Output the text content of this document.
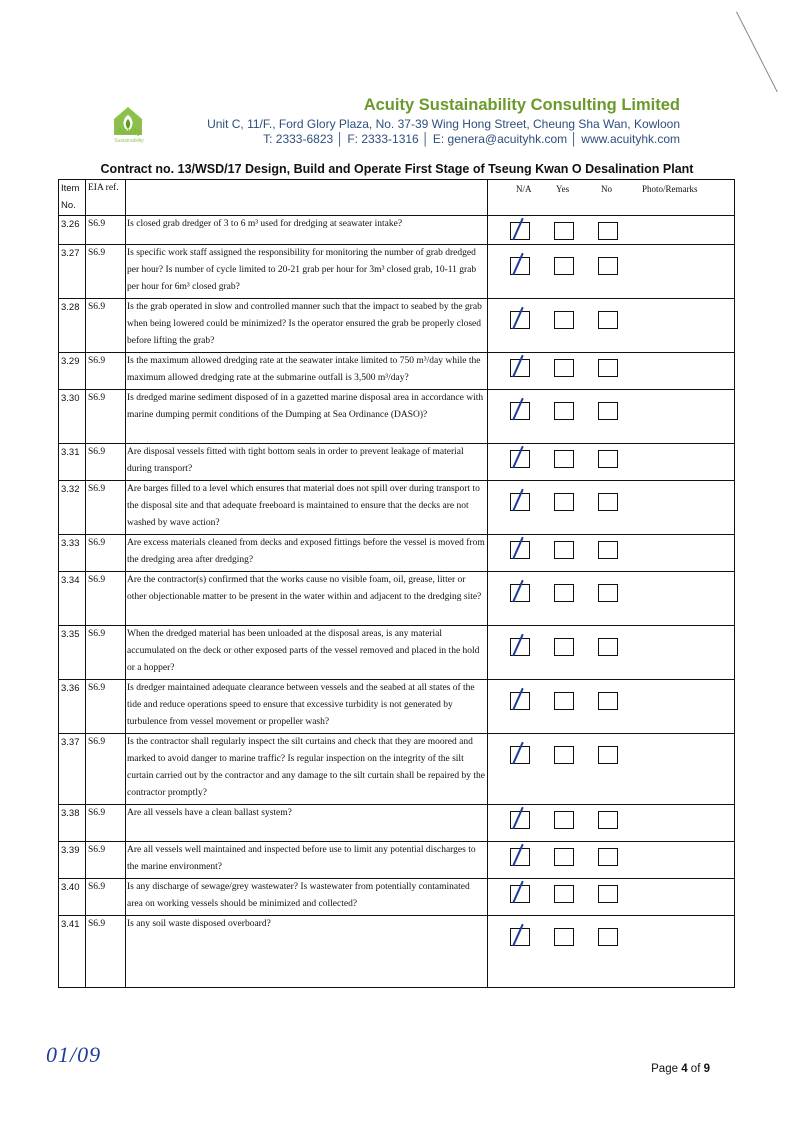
Acuity
Sustainability
Acuity Sustainability Consulting Limited
Unit C, 11/F., Ford Glory Plaza, No. 37-39 Wing Hong Street, Cheung Sha Wan, Kowloon
T: 2333-6823 │ F: 2333-1316 │ E: genera@acuityhk.com │ www.acuityhk.com
Contract no. 13/WSD/17 Design, Build and Operate First Stage of Tseung Kwan O Desalination Plant
Item No.	EIA ref.		N/A Yes No Photo/Remarks

3.26	S6.9	Is closed grab dredger of 3 to 6 m³ used for dredging at seawater intake?	

3.27	S6.9	Is specific work staff assigned the responsibility for monitoring the number of grab dredged per hour? Is number of cycle limited to 20-21 grab per hour for 3m³ closed grab, 10-11 grab per hour for 6m³ closed grab?	

3.28	S6.9	Is the grab operated in slow and controlled manner such that the impact to seabed by the grab when being lowered could be minimized? Is the operator ensured the grab be properly closed before lifting the grab?	

3.29	S6.9	Is the maximum allowed dredging rate at the seawater intake limited to 750 m³/day while the maximum allowed dredging rate at the submarine outfall is 3,500 m³/day?	

3.30	S6.9	Is dredged marine sediment disposed of in a gazetted marine disposal area in accordance with marine dumping permit conditions of the Dumping at Sea Ordinance (DASO)?	

3.31	S6.9	Are disposal vessels fitted with tight bottom seals in order to prevent leakage of material during transport?	

3.32	S6.9	Are barges filled to a level which ensures that material does not spill over during transport to the disposal site and that adequate freeboard is maintained to ensure that the decks are not washed by wave action?	

3.33	S6.9	Are excess materials cleaned from decks and exposed fittings before the vessel is moved from the dredging area after dredging?	

3.34	S6.9	Are the contractor(s) confirmed that the works cause no visible foam, oil, grease, litter or other objectionable matter to be present in the water within and adjacent to the dredging site?	

3.35	S6.9	When the dredged material has been unloaded at the disposal areas, is any material accumulated on the deck or other exposed parts of the vessel removed and placed in the hold or a hopper?	

3.36	S6.9	Is dredger maintained adequate clearance between vessels and the seabed at all states of the tide and reduce operations speed to ensure that excessive turbidity is not generated by turbulence from vessel movement or propeller wash?	

3.37	S6.9	Is the contractor shall regularly inspect the silt curtains and check that they are moored and marked to avoid danger to marine traffic? Is regular inspection on the integrity of the silt curtain carried out by the contractor and any damage to the silt curtain shall be repaired by the contractor promptly?	

3.38	S6.9	Are all vessels have a clean ballast system?	

3.39	S6.9	Are all vessels well maintained and inspected before use to limit any potential discharges to the marine environment?	

3.40	S6.9	Is any discharge of sewage/grey wastewater? Is wastewater from potentially contaminated area on working vessels should be minimized and collected?	

3.41	S6.9	Is any soil waste disposed overboard?	
01/09
Page 4 of 9
